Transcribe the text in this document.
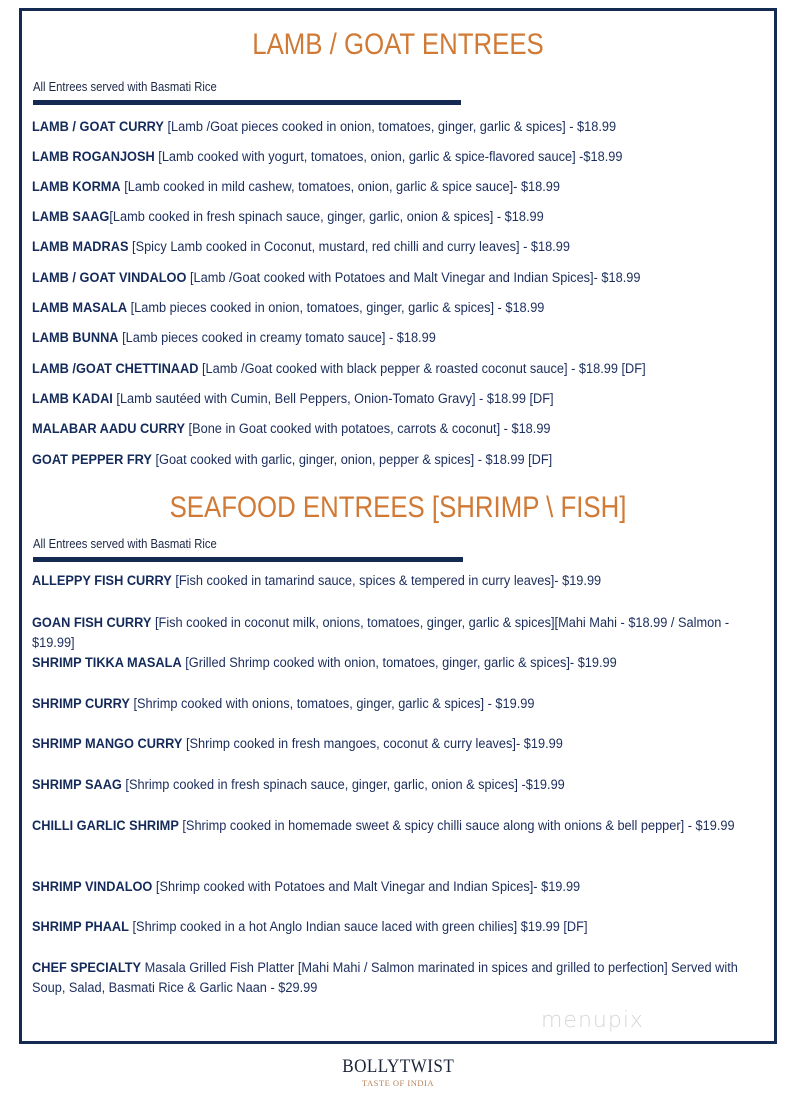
LAMB / GOAT ENTREES
All Entrees served with Basmati Rice
LAMB / GOAT CURRY [Lamb /Goat pieces cooked in onion, tomatoes, ginger, garlic & spices] - $18.99
LAMB ROGANJOSH [Lamb cooked with yogurt, tomatoes, onion, garlic & spice-flavored sauce] -$18.99
LAMB KORMA [Lamb cooked in mild cashew, tomatoes, onion, garlic & spice sauce]- $18.99
LAMB SAAG[Lamb cooked in fresh spinach sauce, ginger, garlic, onion & spices] - $18.99
LAMB MADRAS [Spicy Lamb cooked in Coconut, mustard, red chilli and curry leaves] - $18.99
LAMB / GOAT VINDALOO [Lamb /Goat cooked with Potatoes and Malt Vinegar and Indian Spices]- $18.99
LAMB MASALA [Lamb pieces cooked in onion, tomatoes, ginger, garlic & spices] - $18.99
LAMB BUNNA [Lamb pieces cooked in creamy tomato sauce] - $18.99
LAMB /GOAT CHETTINAAD [Lamb /Goat cooked with black pepper & roasted coconut sauce] - $18.99 [DF]
LAMB KADAI [Lamb sautéed with Cumin, Bell Peppers, Onion-Tomato Gravy] - $18.99 [DF]
MALABAR AADU CURRY [Bone in Goat cooked with potatoes, carrots & coconut] - $18.99
GOAT PEPPER FRY [Goat cooked with garlic, ginger, onion, pepper & spices] - $18.99 [DF]
SEAFOOD ENTREES [SHRIMP \ FISH]
All Entrees served with Basmati Rice
ALLEPPY FISH CURRY [Fish cooked in tamarind sauce, spices & tempered in curry leaves]- $19.99
GOAN FISH CURRY [Fish cooked in coconut milk, onions, tomatoes, ginger, garlic & spices][Mahi Mahi - $18.99 / Salmon - $19.99]
SHRIMP TIKKA MASALA [Grilled Shrimp cooked with onion, tomatoes, ginger, garlic & spices]- $19.99
SHRIMP CURRY [Shrimp cooked with onions, tomatoes, ginger, garlic & spices] - $19.99
SHRIMP MANGO CURRY [Shrimp cooked in fresh mangoes, coconut & curry leaves]- $19.99
SHRIMP SAAG [Shrimp cooked in fresh spinach sauce, ginger, garlic, onion & spices] -$19.99
CHILLI GARLIC SHRIMP [Shrimp cooked in homemade sweet & spicy chilli sauce along with onions & bell pepper] - $19.99
SHRIMP VINDALOO [Shrimp cooked with Potatoes and Malt Vinegar and Indian Spices]- $19.99
SHRIMP PHAAL [Shrimp cooked in a hot Anglo Indian sauce laced with green chilies] $19.99 [DF]
CHEF SPECIALTY Masala Grilled Fish Platter [Mahi Mahi / Salmon marinated in spices and grilled to perfection] Served with Soup, Salad, Basmati Rice & Garlic Naan - $29.99
menupix
BOLLYTWIST
TASTE OF INDIA
